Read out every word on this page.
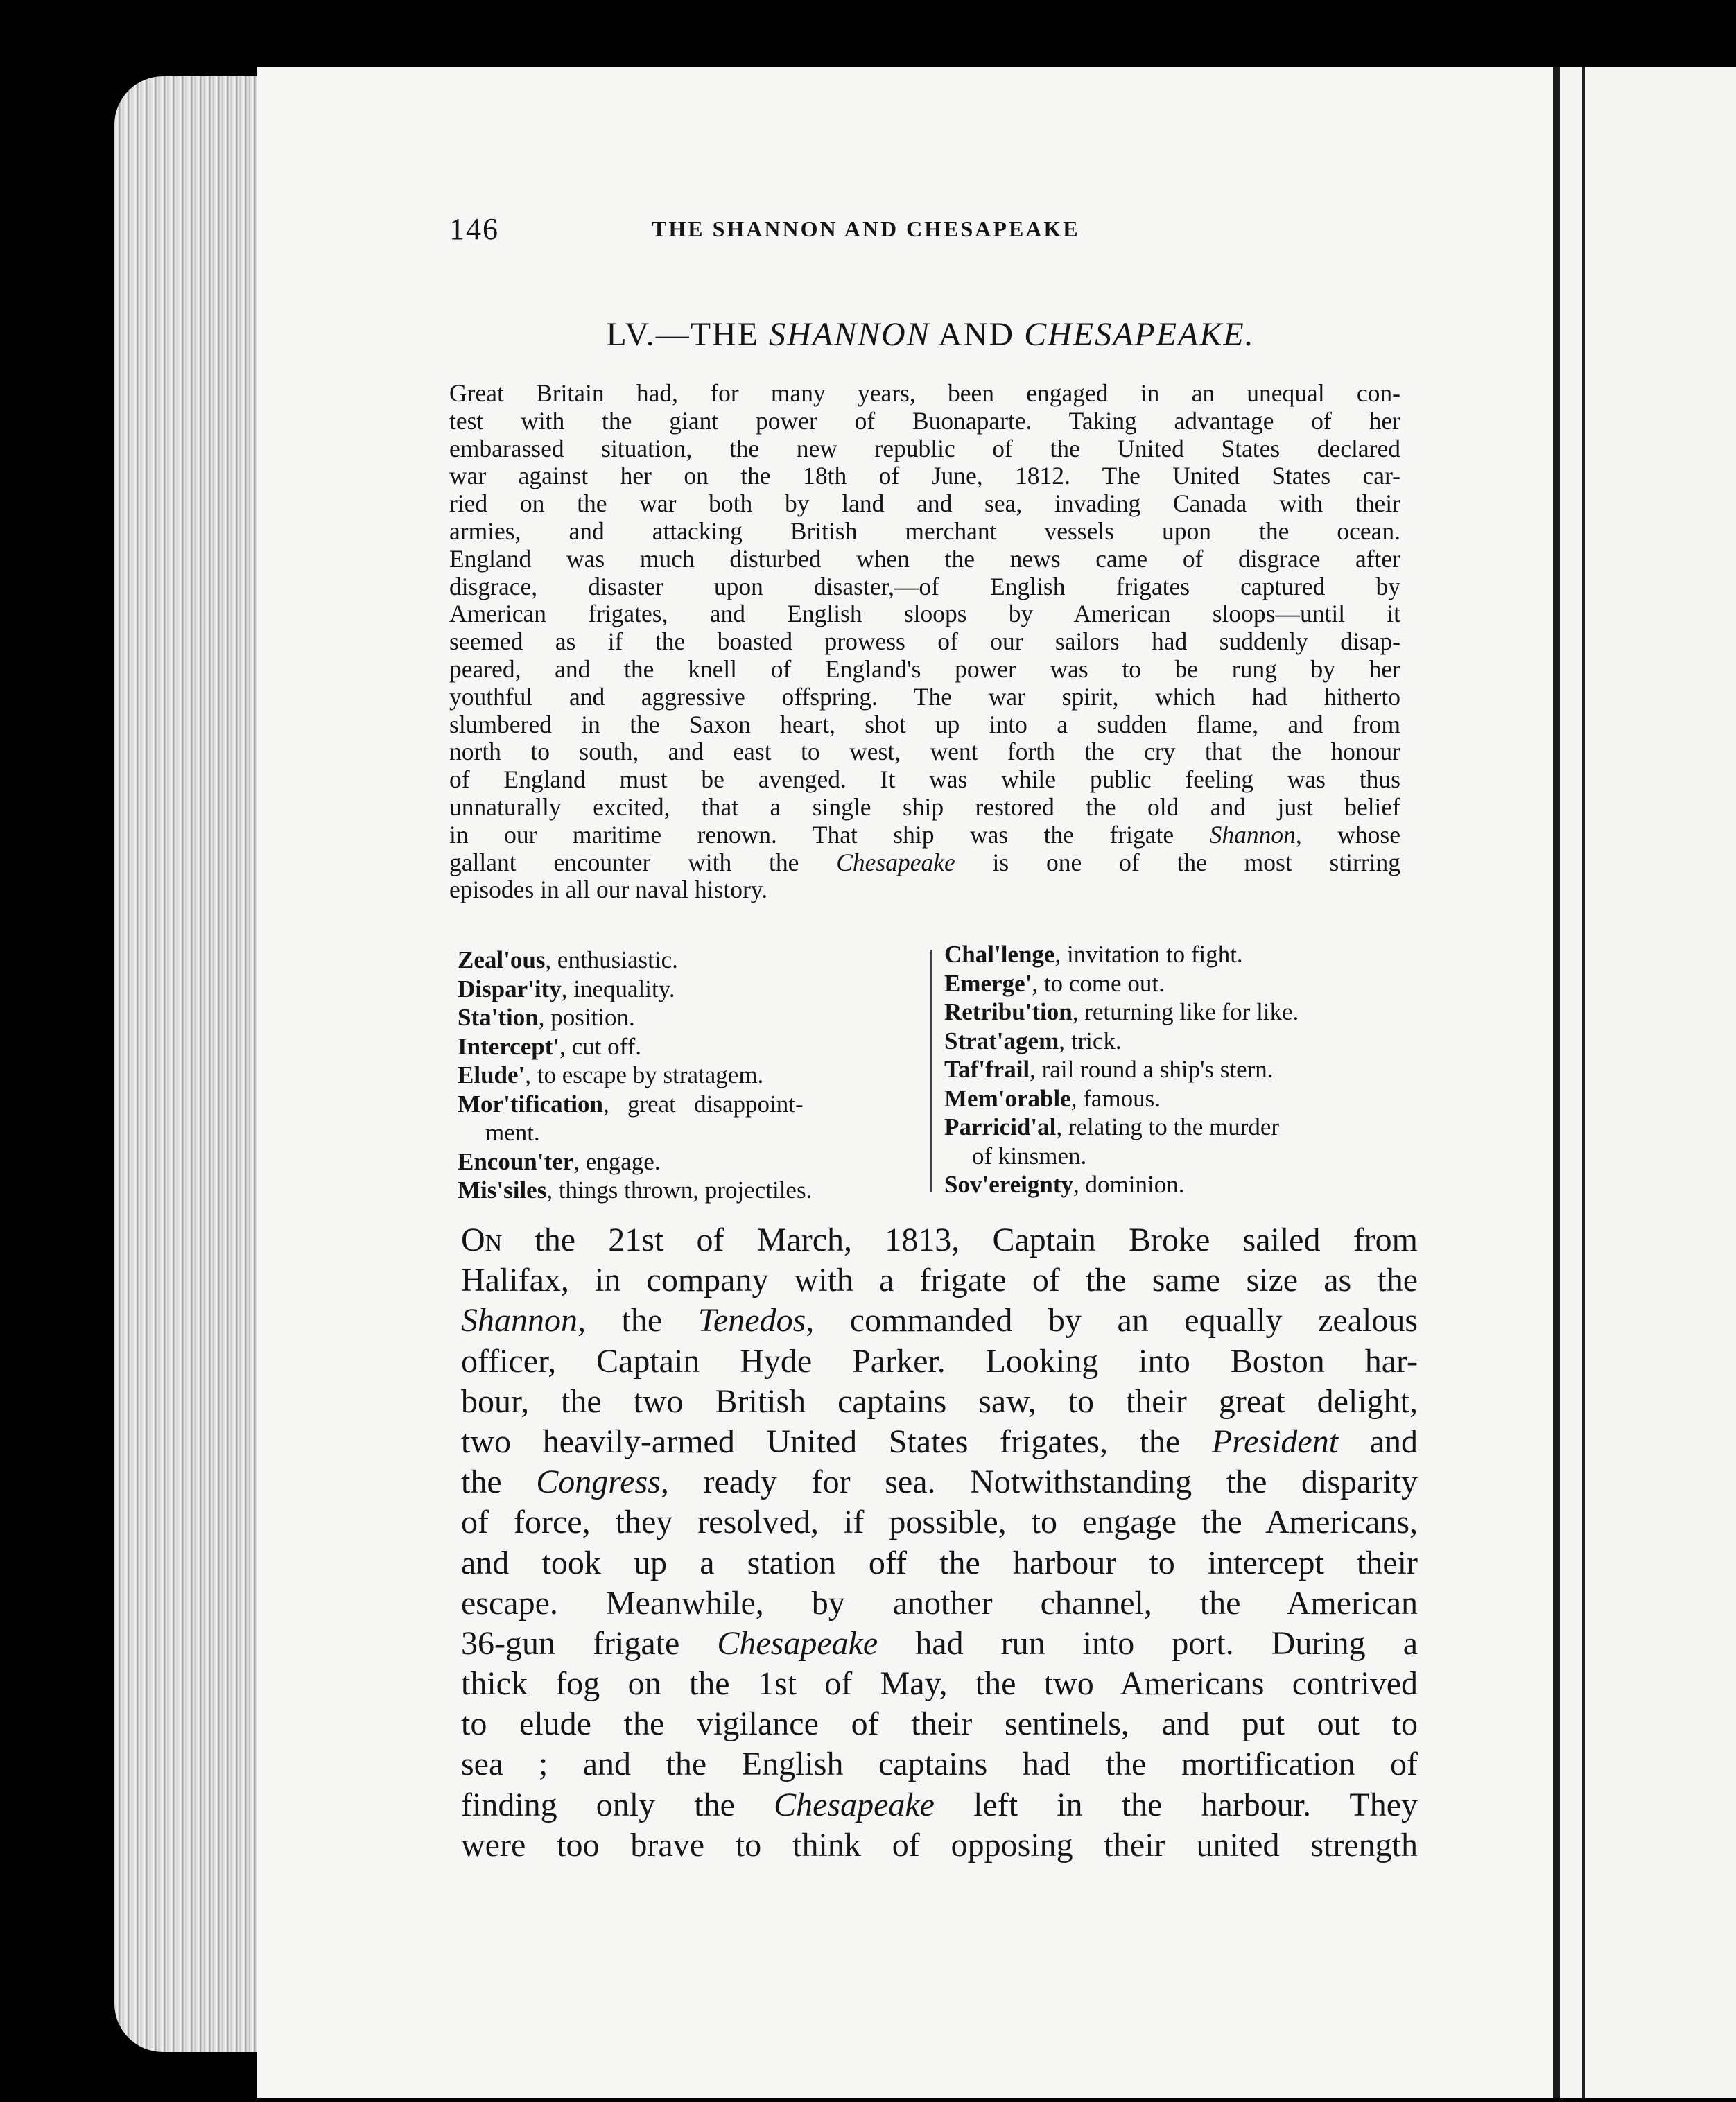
146	THE SHANNON AND CHESAPEAKE
LV.—THE SHANNON AND CHESAPEAKE.
Great Britain had, for many years, been engaged in an unequal con-
test with the giant power of Buonaparte. Taking advantage of her
embarassed situation, the new republic of the United States declared
war against her on the 18th of June, 1812. The United States car-
ried on the war both by land and sea, invading Canada with their
armies, and attacking British merchant vessels upon the ocean.
England was much disturbed when the news came of disgrace after
disgrace, disaster upon disaster,—of English frigates captured by
American frigates, and English sloops by American sloops—until it
seemed as if the boasted prowess of our sailors had suddenly disap-
peared, and the knell of England's power was to be rung by her
youthful and aggressive offspring. The war spirit, which had hitherto
slumbered in the Saxon heart, shot up into a sudden flame, and from
north to south, and east to west, went forth the cry that the honour
of England must be avenged. It was while public feeling was thus
unnaturally excited, that a single ship restored the old and just belief
in our maritime renown. That ship was the frigate Shannon, whose
gallant encounter with the Chesapeake is one of the most stirring
episodes in all our naval history.
Zeal'ous, enthusiastic.
Dispar'ity, inequality.
Sta'tion, position.
Intercept', cut off.
Elude', to escape by stratagem.
Mor'tification,   great   disappoint-
ment.
Encoun'ter, engage.
Mis'siles, things thrown, projectiles.
Chal'lenge, invitation to fight.
Emerge', to come out.
Retribu'tion, returning like for like.
Strat'agem, trick.
Taf'frail, rail round a ship's stern.
Mem'orable, famous.
Parricid'al, relating to the murder
of kinsmen.
Sov'ereignty, dominion.
On the 21st of March, 1813, Captain Broke sailed from
Halifax, in company with a frigate of the same size as the
Shannon, the Tenedos, commanded by an equally zealous
officer, Captain Hyde Parker. Looking into Boston har-
bour, the two British captains saw, to their great delight,
two heavily-armed United States frigates, the President and
the Congress, ready for sea. Notwithstanding the disparity
of force, they resolved, if possible, to engage the Americans,
and took up a station off the harbour to intercept their
escape. Meanwhile, by another channel, the American
36-gun frigate Chesapeake had run into port. During a
thick fog on the 1st of May, the two Americans contrived
to elude the vigilance of their sentinels, and put out to
sea ; and the English captains had the mortification of
finding only the Chesapeake left in the harbour. They
were too brave to think of opposing their united strength
